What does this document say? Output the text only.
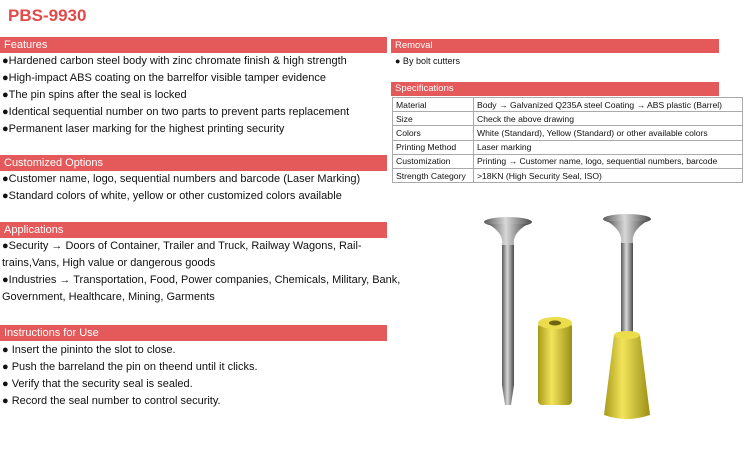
PBS-9930
Features
●Hardened carbon steel body with zinc chromate finish & high strength
●High-impact ABS coating on the barrelfor visible tamper evidence
●The pin spins after the seal is locked
●Identical sequential number on two parts to prevent parts replacement
●Permanent laser marking for the highest printing security
Customized Options
●Customer name, logo, sequential numbers and barcode (Laser Marking)
●Standard colors of white, yellow or other customized colors available
Applications
●Security → Doors of Container, Trailer and Truck, Railway Wagons, Rail-
trains,Vans, High value or dangerous goods
●Industries → Transportation, Food, Power companies, Chemicals, Military, Bank,
Government, Healthcare, Mining, Garments
Instructions for Use
● Insert the pininto the slot to close.
● Push the barreland the pin on theend until it clicks.
● Verify that the security seal is sealed.
● Record the seal number to control security.
Removal
● By bolt cutters
Specifications
Material	Body → Galvanized Q235A steel Coating → ABS plastic (Barrel)
Size	Check the above drawing
Colors	White (Standard), Yellow (Standard) or other available colors
Printing Method	Laser marking
Customization	Printing → Customer name, logo, sequential numbers, barcode
Strength Category	>18KN (High Security Seal, ISO)
